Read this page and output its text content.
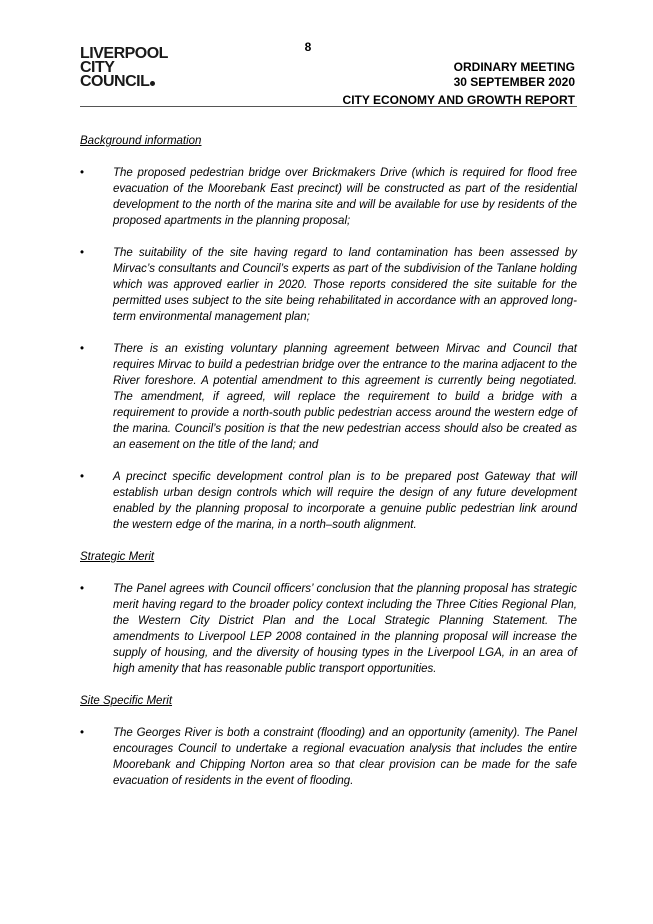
8
LIVERPOOL
CITY
COUNCIL
ORDINARY MEETING
30 SEPTEMBER 2020
CITY ECONOMY AND GROWTH REPORT
Background information
•	The proposed pedestrian bridge over Brickmakers Drive (which is required for flood free evacuation of the Moorebank East precinct) will be constructed as part of the residential development to the north of the marina site and will be available for use by residents of the proposed apartments in the planning proposal;
•	The suitability of the site having regard to land contamination has been assessed by Mirvac’s consultants and Council’s experts as part of the subdivision of the Tanlane holding which was approved earlier in 2020. Those reports considered the site suitable for the permitted uses subject to the site being rehabilitated in accordance with an approved long-term environmental management plan;
•	There is an existing voluntary planning agreement between Mirvac and Council that requires Mirvac to build a pedestrian bridge over the entrance to the marina adjacent to the River foreshore. A potential amendment to this agreement is currently being negotiated. The amendment, if agreed, will replace the requirement to build a bridge with a requirement to provide a north-south public pedestrian access around the western edge of the marina. Council’s position is that the new pedestrian access should also be created as an easement on the title of the land; and
•	A precinct specific development control plan is to be prepared post Gateway that will establish urban design controls which will require the design of any future development enabled by the planning proposal to incorporate a genuine public pedestrian link around the western edge of the marina, in a north–south alignment.
Strategic Merit
•	The Panel agrees with Council officers’ conclusion that the planning proposal has strategic merit having regard to the broader policy context including the Three Cities Regional Plan, the Western City District Plan and the Local Strategic Planning Statement. The amendments to Liverpool LEP 2008 contained in the planning proposal will increase the supply of housing, and the diversity of housing types in the Liverpool LGA, in an area of high amenity that has reasonable public transport opportunities.
Site Specific Merit
•	The Georges River is both a constraint (flooding) and an opportunity (amenity). The Panel encourages Council to undertake a regional evacuation analysis that includes the entire Moorebank and Chipping Norton area so that clear provision can be made for the safe evacuation of residents in the event of flooding.
